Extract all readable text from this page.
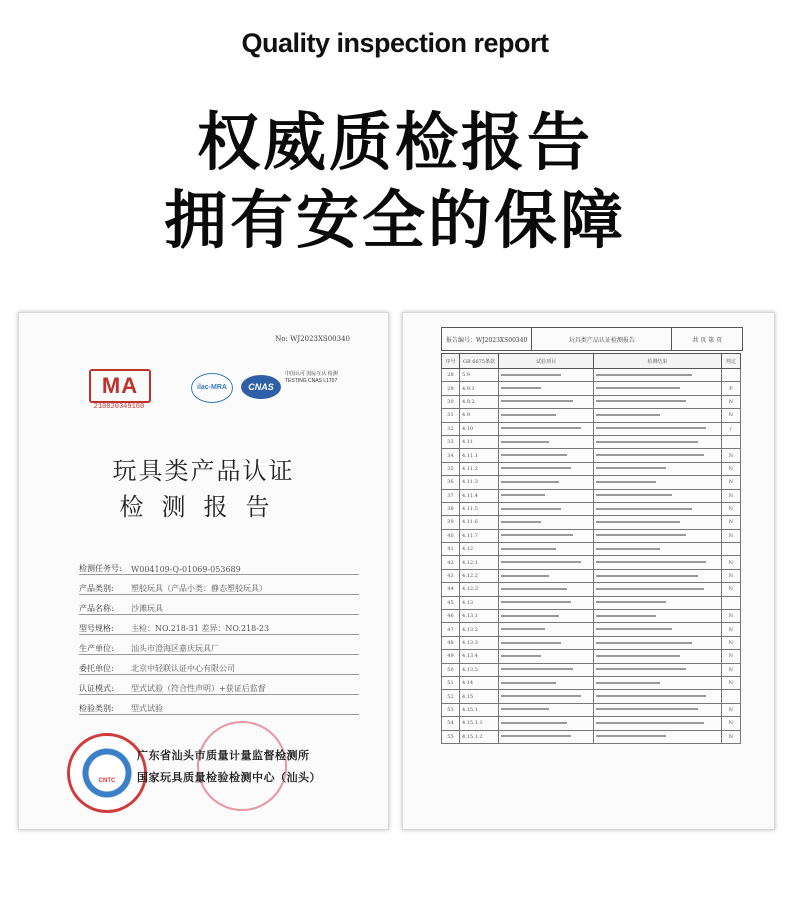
Quality inspection report
权威质检报告
拥有安全的保障
No: WJ2023XS00340
MA
210020349160
ilac-MRA	CNAS
中国认可 国际互认 检测 TESTING CNAS L1707
玩具类产品认证
检测报告
检测任务号:	W004109-Q-01069-053689
产品类别:	塑胶玩具（产品小类：静态塑胶玩具）
产品名称:	沙滩玩具
型号规格:	主检：NO.218-31 差异：NO.218-23
生产单位:	汕头市澄海区嘉庆玩具厂
委托单位:	北京中轻联认证中心有限公司
认证模式:	型式试验（符合性声明）+获证后监督
检验类别:	型式试验
CNTC
广东省汕头市质量计量监督检测所
国家玩具质量检验检测中心（汕头）
报告编号：WJ2023XS00340	玩具类产品认证检测报告	共 页 第 页
序号	GB 6675条款	试验项目	检测结果	判定
28	5.9			
29	4.9.1			P
30	4.9.2			N
31	4.9			N
32	4.10			/
33	4.11			
34	4.11.1			N
35	4.11.2			N
36	4.11.3			N
37	4.11.4			N
38	4.11.5			N
39	4.11.6			N
40	4.11.7			N
41	4.12			
42	4.12.1			N
43	4.12.2			N
44	4.12.3			N
45	4.13			
46	4.13.1			N
47	4.13.2			N
48	4.13.3			N
49	4.13.4			N
50	4.13.5			N
51	4.14			N
52	4.15			
53	4.15.1			N
54	4.15.1.1			N
55	4.15.1.2			N
